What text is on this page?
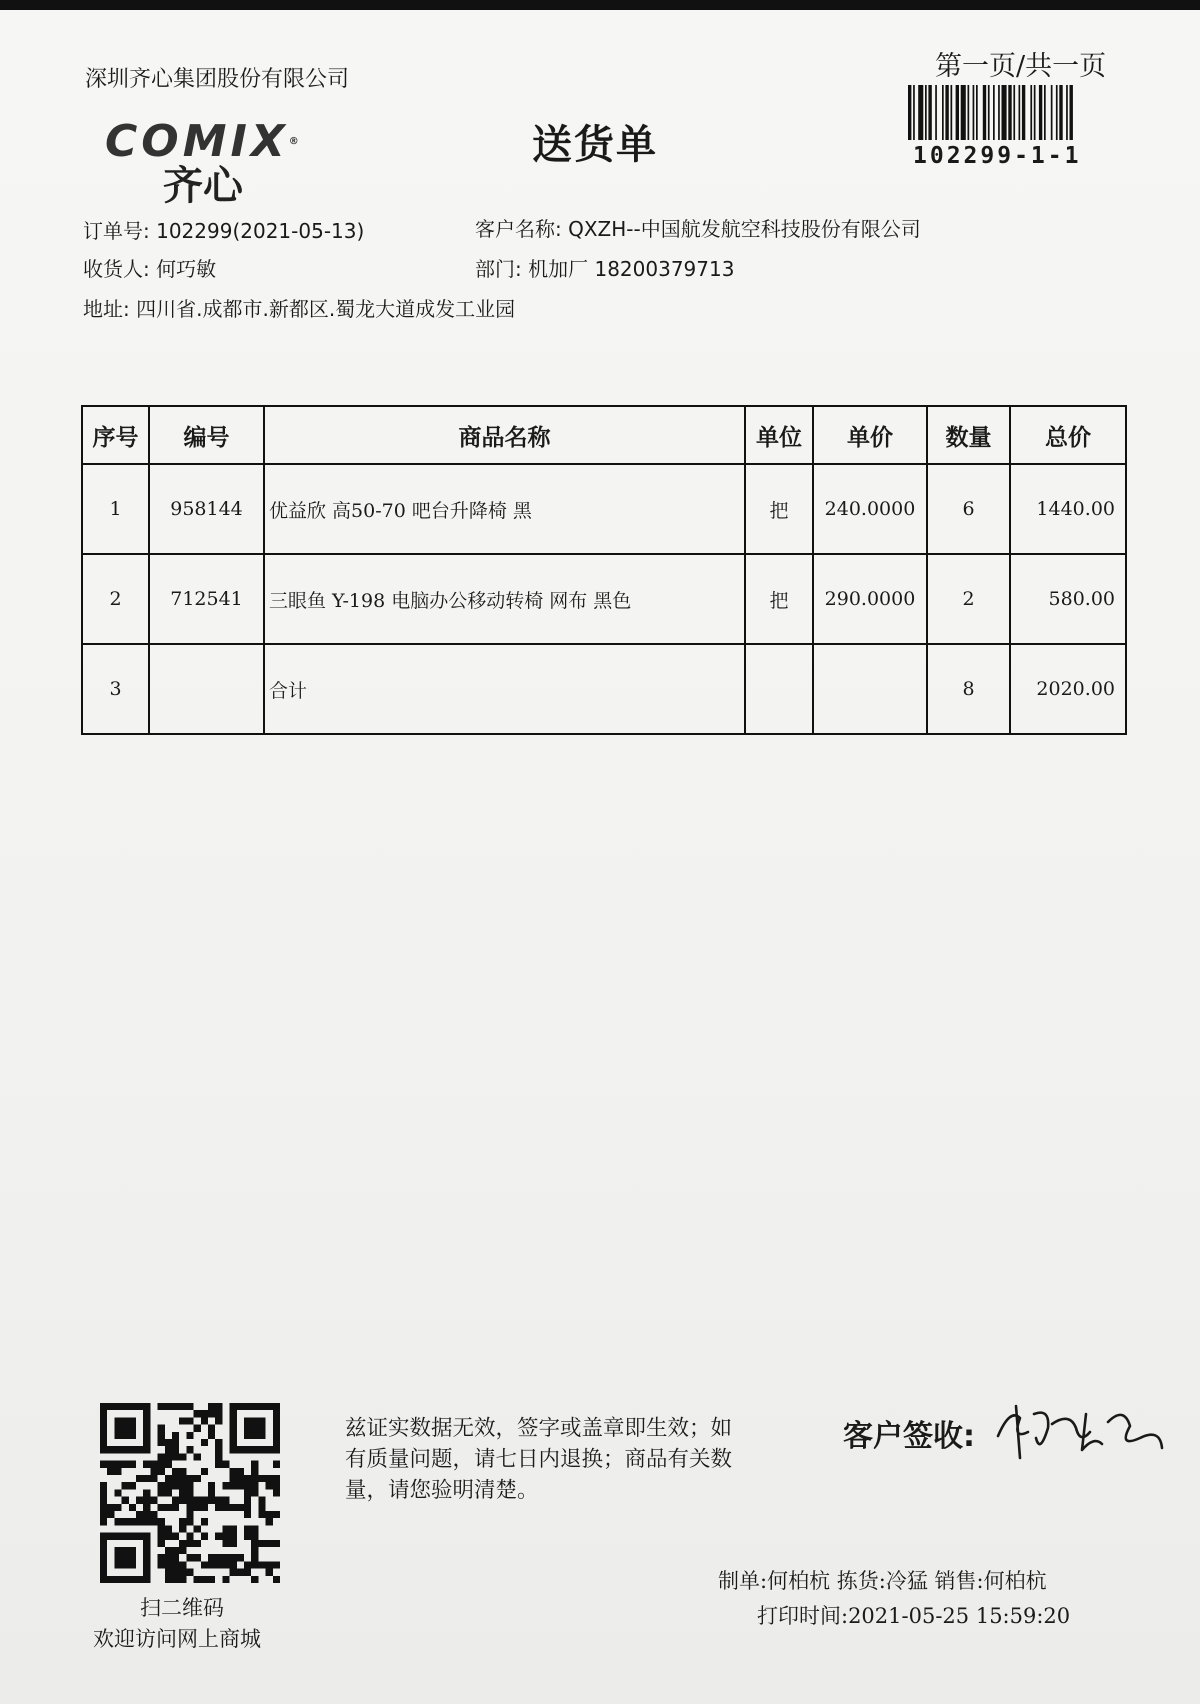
深圳齐心集团股份有限公司
COMIX®
齐心
送货单
第一页/共一页
102299-1-1
订单号: 102299(2021-05-13)	客户名称: QXZH--中国航发航空科技股份有限公司
收货人: 何巧敏	部门: 机加厂 18200379713
地址: 四川省.成都市.新都区.蜀龙大道成发工业园
序号	编号	商品名称	单位	单价	数量	总价
1	958144	优益欣 高50-70 吧台升降椅 黑	把	240.0000	6	1440.00
2	712541	三眼鱼 Y-198 电脑办公移动转椅 网布 黑色	把	290.0000	2	580.00
3		合计			8	2020.00
扫二维码
欢迎访问网上商城
兹证实数据无效，签字或盖章即生效；如有质量问题，请七日内退换；商品有关数量，请您验明清楚。
客户签收:
制单:何柏杭 拣货:冷猛 销售:何柏杭
打印时间:2021-05-25 15:59:20
